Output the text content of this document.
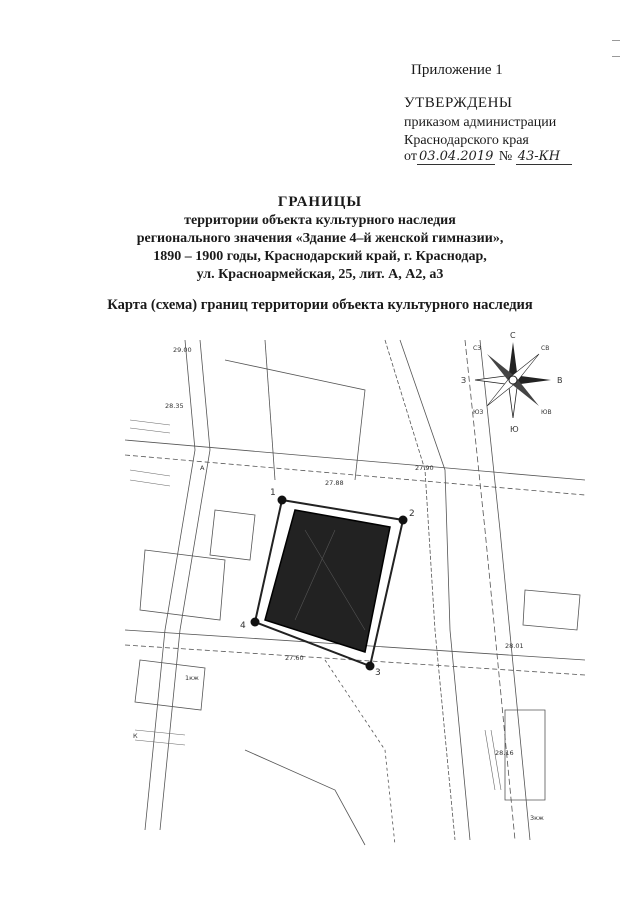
Приложение 1
УТВЕРЖДЕНЫ
приказом администрации
Краснодарского края
от 03.04.2019 № 43-КН
ГРАНИЦЫ
территории объекта культурного наследия
регионального значения «Здание 4–й женской гимназии»,
1890 – 1900 годы, Краснодарский край, г. Краснодар,
ул. Красноармейская, 25, лит. А, А2, а3
Карта (схема) границ территории объекта культурного наследия
1
2
3
4
29.00
28.35
27.90
27.88
27.60
28.01
28.16
3кж
1кж
А
К
С
Ю
З	В
СЗ	СВ
ЮЗ	ЮВ
